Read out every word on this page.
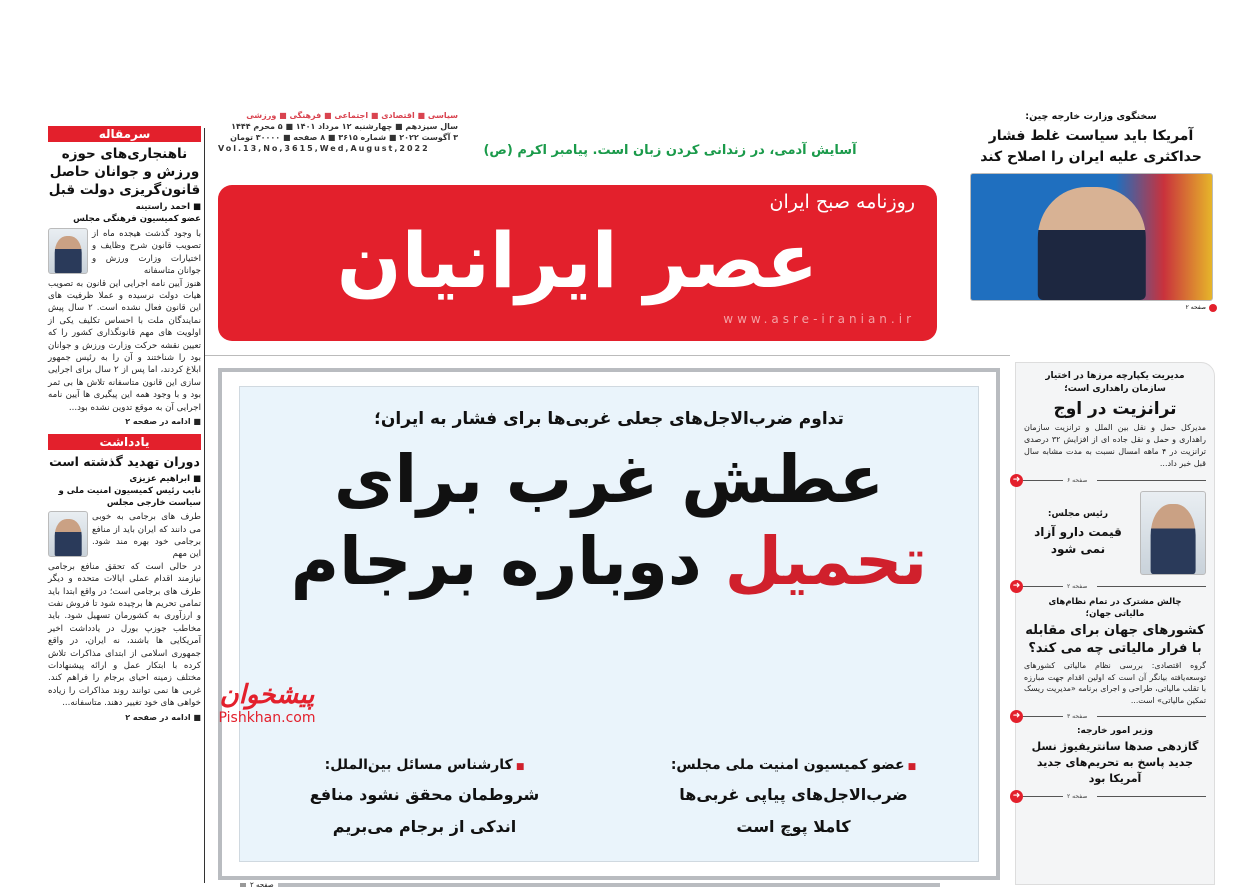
سرمقاله
ناهنجاری‌های حوزه ورزش و جوانان حاصل قانون‌گریزی دولت قبل
■ احمد راستینه
عضو کمیسیون فرهنگی مجلس
با وجود گذشت هیجده ماه از تصویب قانون شرح وظایف و اختیارات وزارت ورزش و جوانان متاسفانه
هنوز آیین نامه اجرایی این قانون به تصویب هیات دولت نرسیده و عملا ظرفیت های این قانون فعال نشده است. ۲ سال پیش نمایندگان ملت با احساس تکلیف یکی از اولویت های مهم قانونگذاری کشور را که تعیین نقشه حرکت وزارت ورزش و جوانان بود را شناختند و آن را به رئیس جمهور ابلاغ کردند، اما پس از ۲ سال برای اجرایی سازی این قانون متاسفانه تلاش ها بی ثمر بود و با وجود همه این پیگیری ها آیین نامه اجرایی آن به موقع تدوین نشده بود...
■ ادامه در صفحه ۲
یادداشت
دوران تهدید گذشته است
■ ابراهیم عزیزی
نایب رئیس کمیسیون امنیت ملی و سیاست خارجی مجلس
طرف های برجامی به خوبی می دانند که ایران باید از منافع برجامی خود بهره مند شود. این مهم
در حالی است که تحقق منافع برجامی نیازمند اقدام عملی ایالات متحده و دیگر طرف های برجامی است؛ در واقع ابتدا باید تمامی تحریم ها برچیده شود تا فروش نفت و ارزآوری به کشورمان تسهیل شود. باید مخاطب جوزپ بورل در یادداشت اخیر آمریکایی ها باشند، نه ایران، در واقع جمهوری اسلامی از ابتدای مذاکرات تلاش کرده با ابتکار عمل و ارائه پیشنهادات مختلف زمینه احیای برجام را فراهم کند. غربی ها نمی توانند روند مذاکرات را زیاده خواهی های خود تغییر دهند. متاسفانه...
■ ادامه در صفحه ۲
سیاسی ■ اقتصادی ■ اجتماعی ■ فرهنگی ■ ورزشی
سال سیزدهم ■ چهارشنبه ۱۲ مرداد ۱۴۰۱ ■ ۵ محرم ۱۴۴۴
۳ آگوست ۲۰۲۲ ■ شماره ۳۶۱۵ ■ ۸ صفحه ■ ۳۰۰۰۰ تومان
Vol.13,No,3615,Wed,August,2022	آسایش آدمی، در زندانی کردن زبان است. پیامبر اکرم (ص)
روزنامه صبح ایران
عصر ایرانیان
www.asre-iranian.ir
تداوم ضرب‌الاجل‌های جعلی غربی‌ها برای فشار به ایران؛
عطش غرب برای
تحمیل دوباره برجام
■ عضو کمیسیون امنیت ملی مجلس:
ضرب‌الاجل‌های پیاپی غربی‌ها کاملا پوچ است
■ کارشناس مسائل بین‌الملل:
شروطمان محقق نشود منافع اندکی از برجام می‌بریم
صفحه ۲
پیشخوان
Pishkhan.com
سخنگوی وزارت خارجه چین:
آمریکا باید سیاست غلط فشار حداکثری علیه ایران را اصلاح کند
صفحه ۲
مدیریت یکپارچه مرزها در اختیار سازمان راهداری است؛
ترانزیت در اوج
مدیرکل حمل و نقل بین الملل و ترانزیت سازمان راهداری و حمل و نقل جاده ای از افزایش ۳۲ درصدی ترانزیت در ۴ ماهه امسال نسبت به مدت مشابه سال قبل خبر داد...
➜	صفحه ۶
رئیس مجلس:
قیمت دارو آزاد نمی شود
➜	صفحه ۲
چالش مشترک در تمام نظام‌های مالیاتی جهان؛
کشورهای جهان برای مقابله با فرار مالیاتی چه می کند؟
گروه اقتصادی: بررسی نظام مالیاتی کشورهای توسعه‌یافته بیانگر آن است که اولین اقدام جهت مبارزه با تقلب مالیاتی، طراحی و اجرای برنامه «مدیریت ریسک تمکین مالیاتی» است...
➜	صفحه ۳
وزیر امور خارجه:
گازدهی صدها سانتریفیوژ نسل جدید پاسخ به تحریم‌های جدید آمریکا بود
➜	صفحه ۲
